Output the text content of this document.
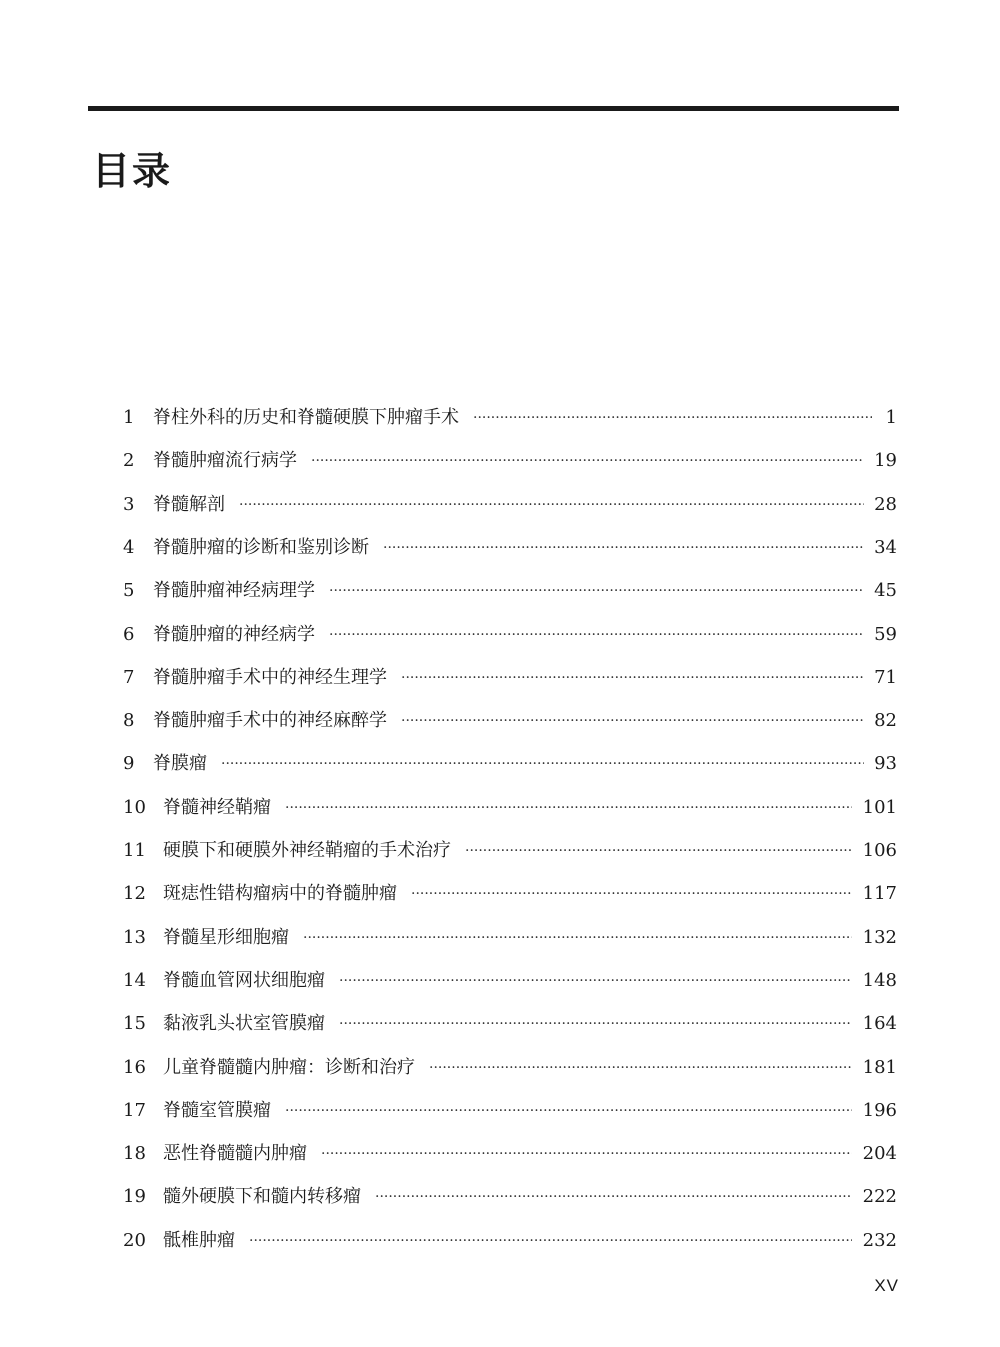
目录
1 脊柱外科的历史和脊髓硬膜下肿瘤手术 ·····	1
2 脊髓肿瘤流行病学 ·····	19
3 脊髓解剖 ·····	28
4 脊髓肿瘤的诊断和鉴别诊断 ·····	34
5 脊髓肿瘤神经病理学 ·····	45
6 脊髓肿瘤的神经病学 ·····	59
7 脊髓肿瘤手术中的神经生理学 ·····	71
8 脊髓肿瘤手术中的神经麻醉学 ·····	82
9 脊膜瘤 ·····	93
10 脊髓神经鞘瘤 ·····	101
11 硬膜下和硬膜外神经鞘瘤的手术治疗 ·····	106
12 斑痣性错构瘤病中的脊髓肿瘤 ·····	117
13 脊髓星形细胞瘤 ·····	132
14 脊髓血管网状细胞瘤 ·····	148
15 黏液乳头状室管膜瘤 ·····	164
16 儿童脊髓髓内肿瘤：诊断和治疗 ·····	181
17 脊髓室管膜瘤 ·····	196
18 恶性脊髓髓内肿瘤 ·····	204
19 髓外硬膜下和髓内转移瘤 ·····	222
20 骶椎肿瘤 ·····	232
XV
